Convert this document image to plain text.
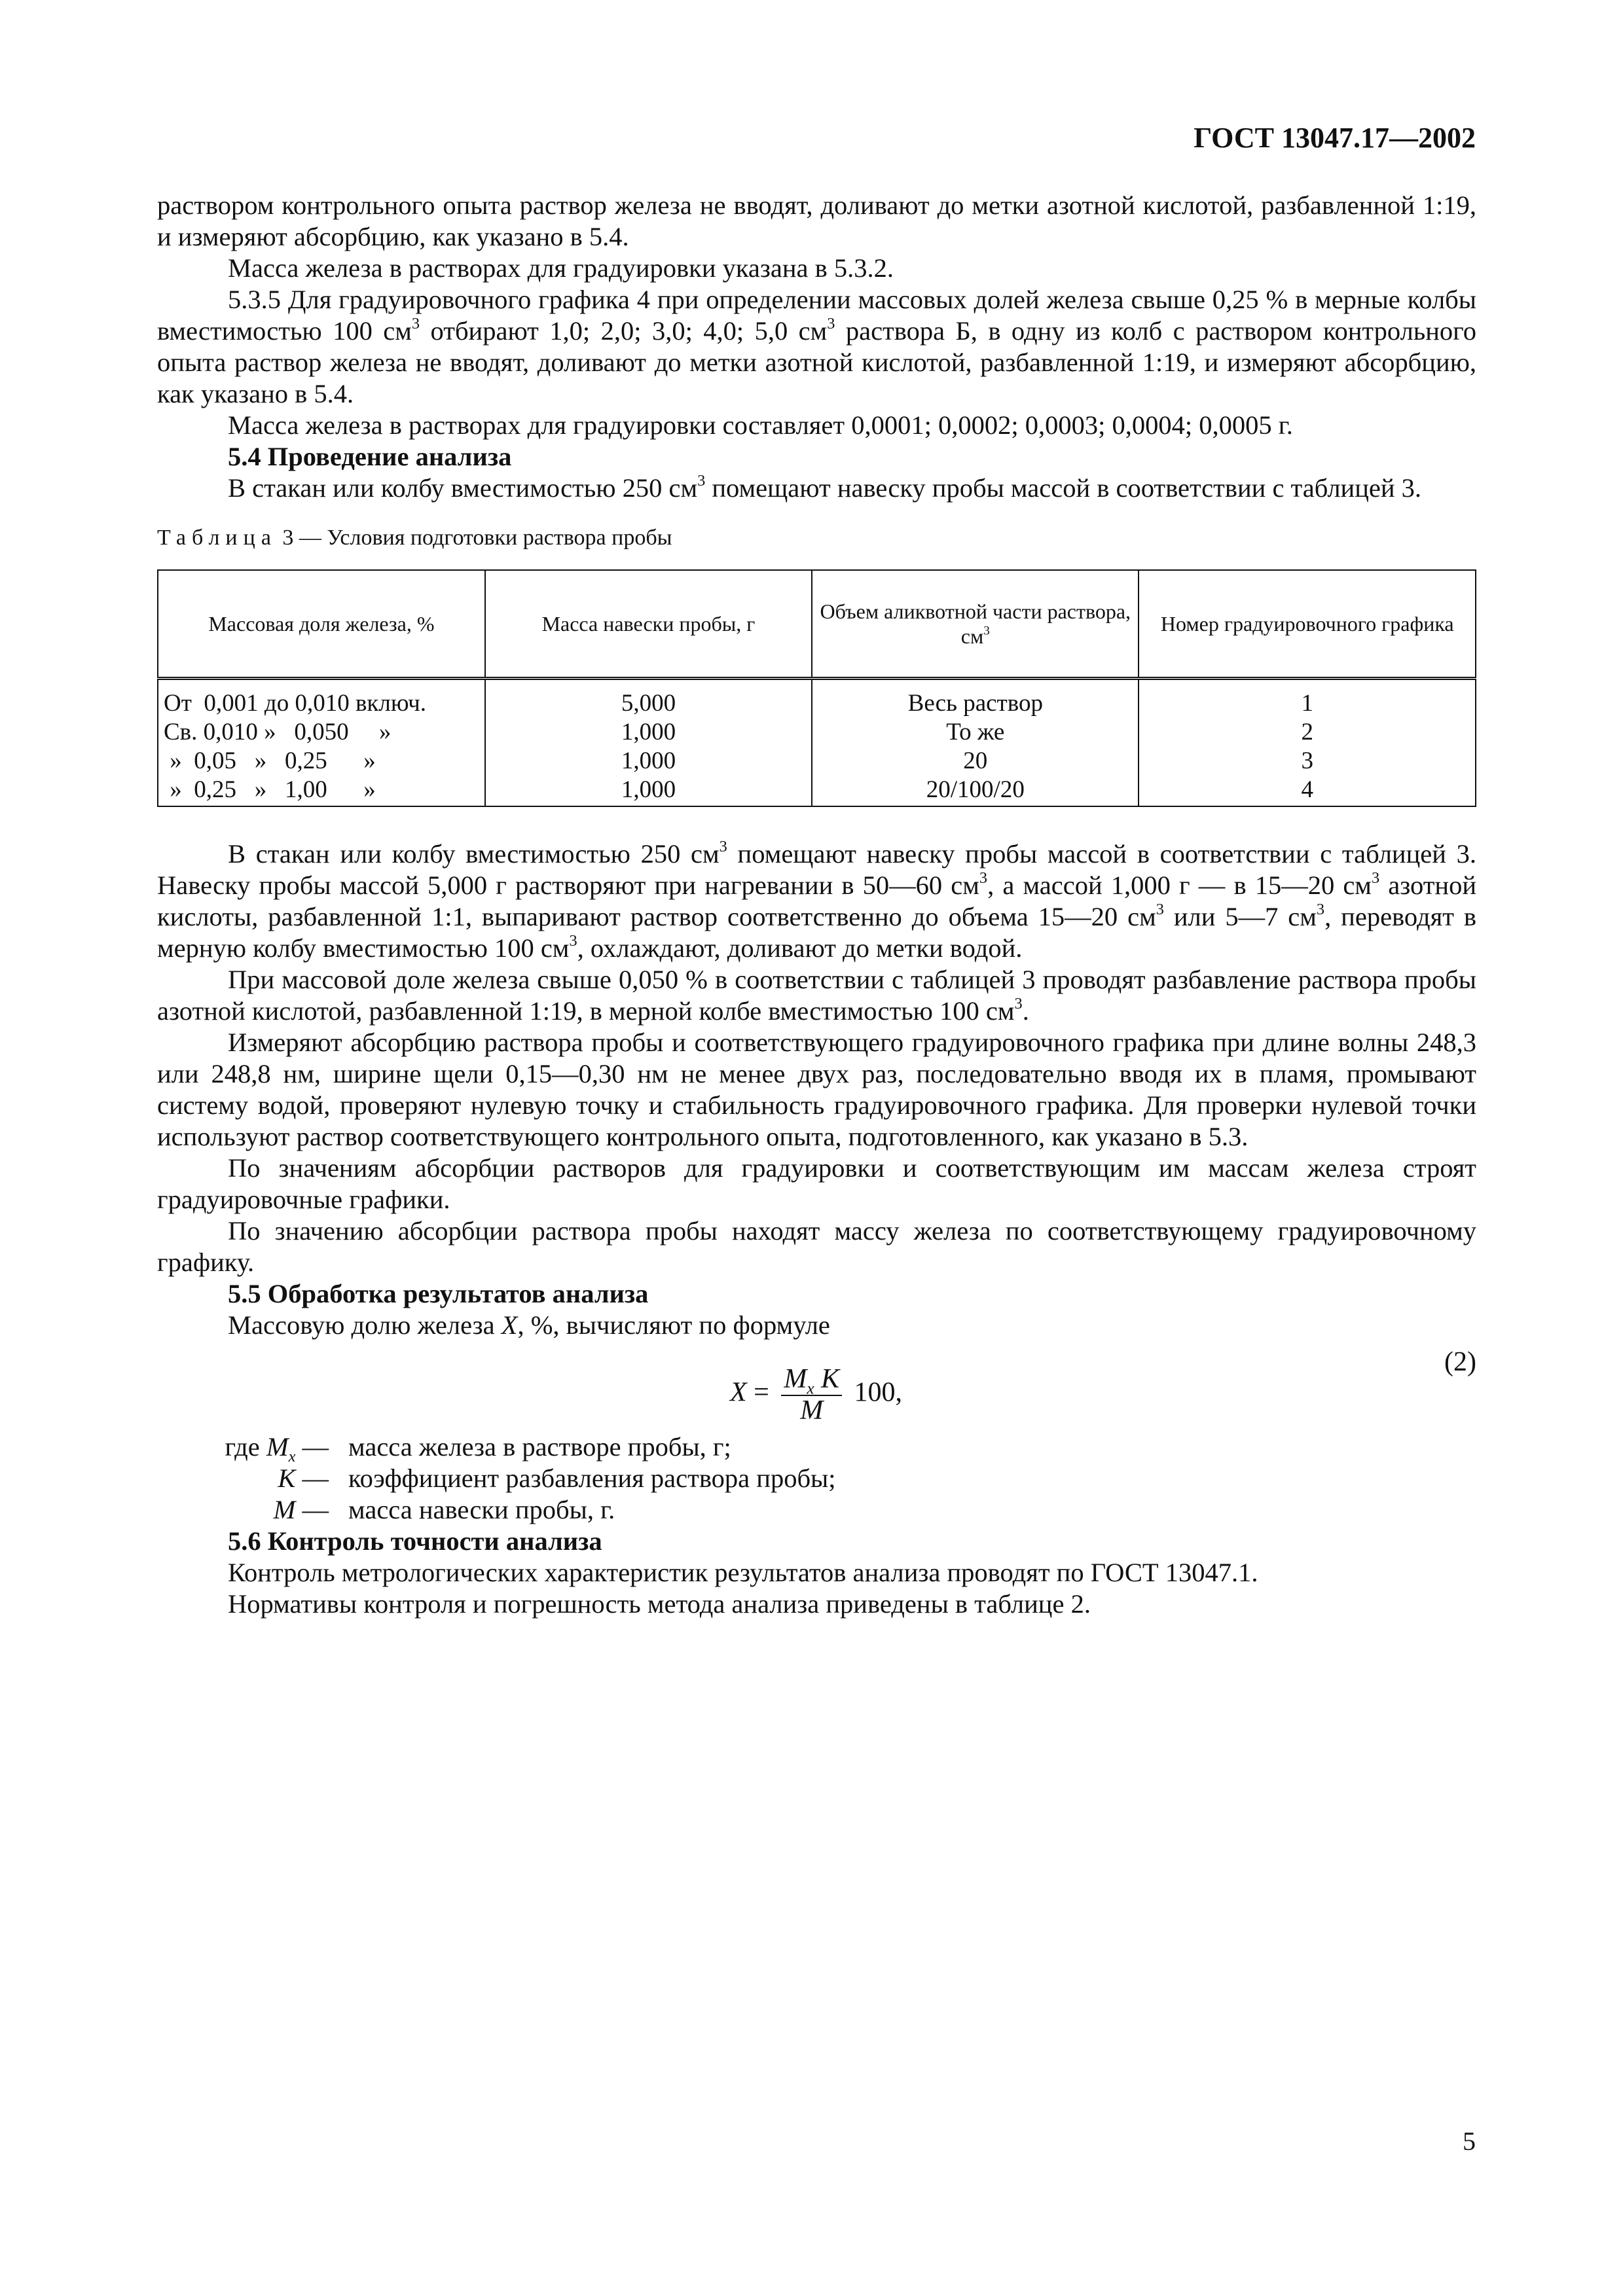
ГОСТ 13047.17—2002

раствором контрольного опыта раствор железа не вводят, доливают до метки азотной кислотой, разбавленной 1:19, и измеряют абсорбцию, как указано в 5.4.

Масса железа в растворах для градуировки указана в 5.3.2.

5.3.5 Для градуировочного графика 4 при определении массовых долей железа свыше 0,25 % в мерные колбы вместимостью 100 $см^3$ отбирают 1,0; 2,0; 3,0; 4,0; 5,0 $см^3$ раствора Б, в одну из колб с раствором контрольного опыта раствор железа не вводят, доливают до метки азотной кислотой, разбавленной 1:19, и измеряют абсорбцию, как указано в 5.4.

Масса железа в растворах для градуировки составляет 0,0001; 0,0002; 0,0003; 0,0004; 0,0005 г.

5.4 Проведение анализа

В стакан или колбу вместимостью 250 $см^3$ помещают навеску пробы массой в соответствии с таблицей 3.

Таблица 3 — Условия подготовки раствора пробы
Массовая доля железа, %	Масса навески пробы, г	Объем аликвотной части раствора, $см^3$	Номер градуировочного графика
От  0,001 до 0,010 включ.	5,000	Весь раствор	1
Св. 0,010 »   0,050     »	1,000	То же	2
»  0,05   »   0,25      »	1,000	20	3
»  0,25   »   1,00      »	1,000	20/100/20	4

В стакан или колбу вместимостью 250 $см^3$ помещают навеску пробы массой в соответствии с таблицей 3. Навеску пробы массой 5,000 г растворяют при нагревании в 50—60 $см^3$, а массой 1,000 г — в 15—20 $см^3$ азотной кислоты, разбавленной 1:1, выпаривают раствор соответственно до объема 15—20 $см^3$ или 5—7 $см^3$, переводят в мерную колбу вместимостью 100 $см^3$, охлаждают, доливают до метки водой.

При массовой доле железа свыше 0,050 % в соответствии с таблицей 3 проводят разбавление раствора пробы азотной кислотой, разбавленной 1:19, в мерной колбе вместимостью 100 $см^3$.

Измеряют абсорбцию раствора пробы и соответствующего градуировочного графика при длине волны 248,3 или 248,8 нм, ширине щели 0,15—0,30 нм не менее двух раз, последовательно вводя их в пламя, промывают систему водой, проверяют нулевую точку и стабильность градуировочного графика. Для проверки нулевой точки используют раствор соответствующего контрольного опыта, подготовленного, как указано в 5.3.

По значениям абсорбции растворов для градуировки и соответствующим им массам железа строят градуировочные графики.

По значению абсорбции раствора пробы находят массу железа по соответствующему градуировочному графику.

5.5 Обработка результатов анализа

Массовую долю железа X, %, вычисляют по формуле

$X = \frac{M_x K}{M} 100$,
(2)
где $M_x$ — масса железа в растворе пробы, г;
K — коэффициент разбавления раствора пробы;
M — масса навески пробы, г.

5.6 Контроль точности анализа

Контроль метрологических характеристик результатов анализа проводят по ГОСТ 13047.1.

Нормативы контроля и погрешность метода анализа приведены в таблице 2.

5
